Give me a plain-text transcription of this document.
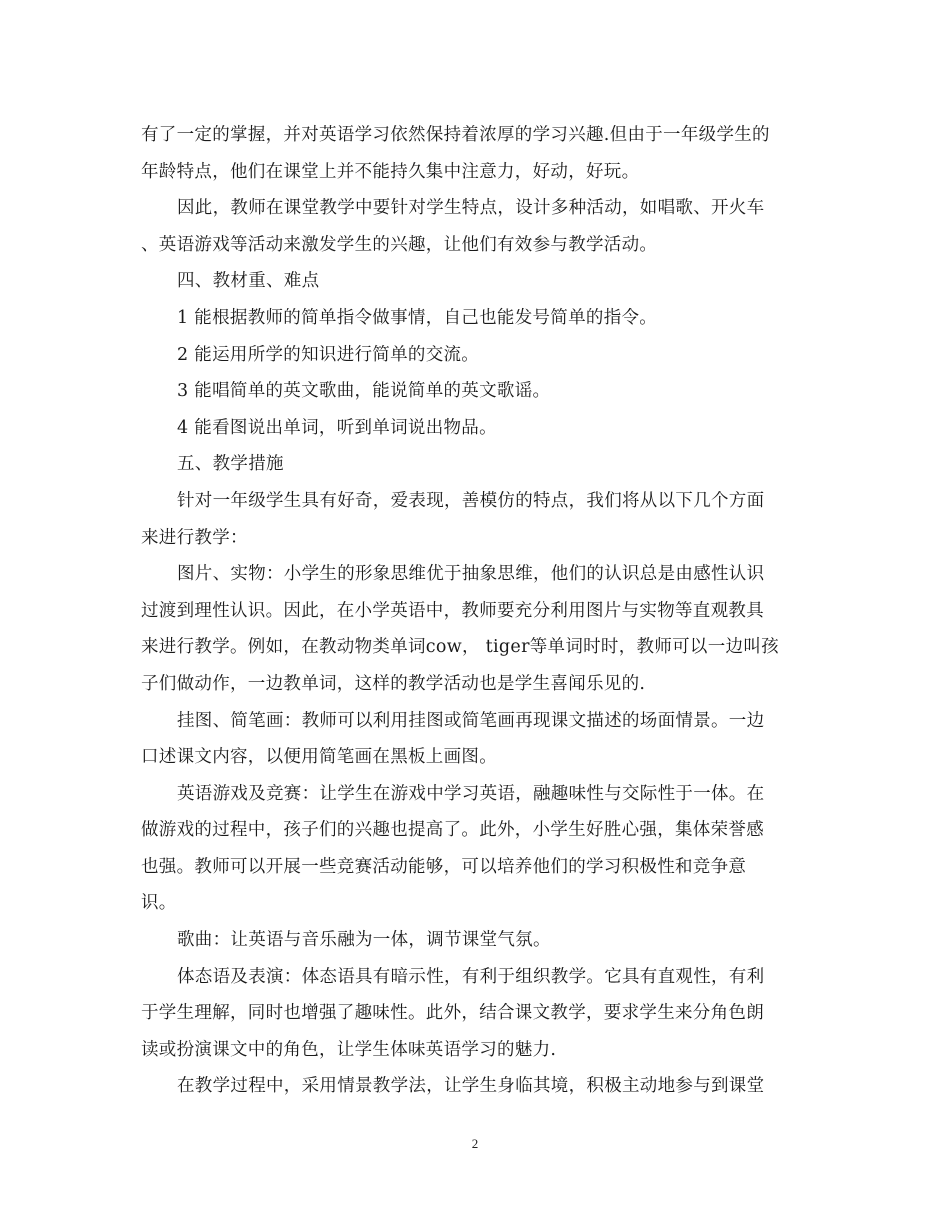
有了一定的掌握，并对英语学习依然保持着浓厚的学习兴趣.但由于一年级学生的
年龄特点，他们在课堂上并不能持久集中注意力，好动，好玩。
因此，教师在课堂教学中要针对学生特点，设计多种活动，如唱歌、开火车
、英语游戏等活动来激发学生的兴趣，让他们有效参与教学活动。
四、教材重、难点
1 能根据教师的简单指令做事情，自己也能发号简单的指令。
2 能运用所学的知识进行简单的交流。
3 能唱简单的英文歌曲，能说简单的英文歌谣。
4 能看图说出单词，听到单词说出物品。
五、教学措施
针对一年级学生具有好奇，爱表现，善模仿的特点，我们将从以下几个方面
来进行教学：
图片、实物：小学生的形象思维优于抽象思维，他们的认识总是由感性认识
过渡到理性认识。因此，在小学英语中，教师要充分利用图片与实物等直观教具
来进行教学。例如，在教动物类单词cow， tiger等单词时时，教师可以一边叫孩
子们做动作，一边教单词，这样的教学活动也是学生喜闻乐见的.
挂图、简笔画：教师可以利用挂图或简笔画再现课文描述的场面情景。一边
口述课文内容，以便用简笔画在黑板上画图。
英语游戏及竞赛：让学生在游戏中学习英语，融趣味性与交际性于一体。在
做游戏的过程中，孩子们的兴趣也提高了。此外，小学生好胜心强，集体荣誉感
也强。教师可以开展一些竞赛活动能够，可以培养他们的学习积极性和竞争意
识。
歌曲：让英语与音乐融为一体，调节课堂气氛。
体态语及表演：体态语具有暗示性，有利于组织教学。它具有直观性，有利
于学生理解，同时也增强了趣味性。此外，结合课文教学，要求学生来分角色朗
读或扮演课文中的角色，让学生体味英语学习的魅力.
在教学过程中，采用情景教学法，让学生身临其境，积极主动地参与到课堂
2
